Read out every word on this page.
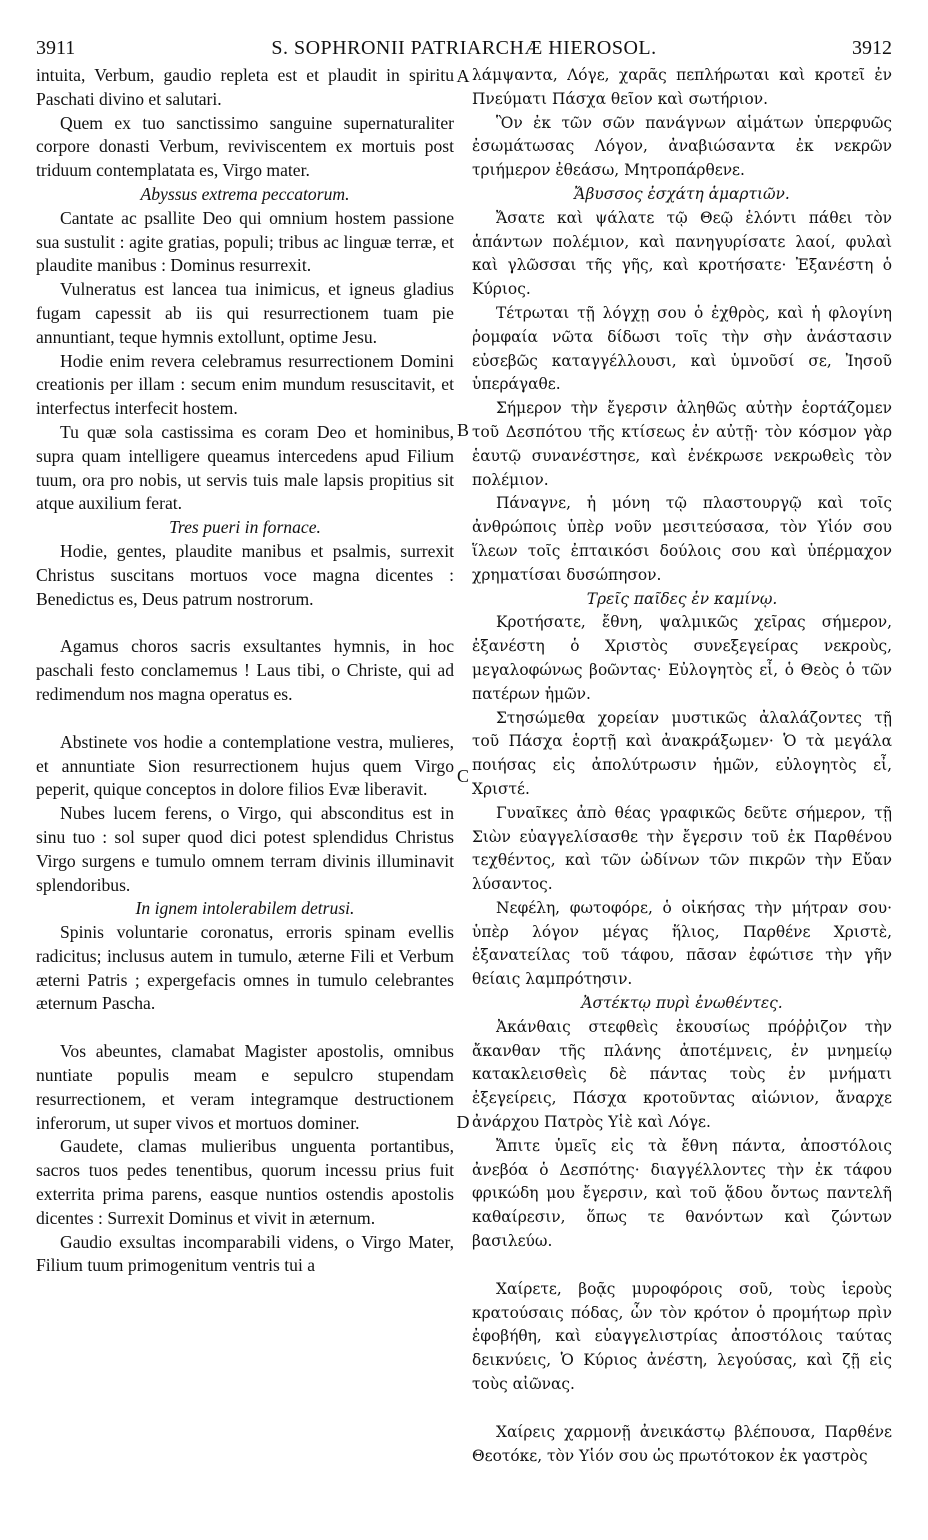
3911	S. SOPHRONII PATRIARCHÆ HIEROSOL.	3912

intuita, Verbum, gaudio repleta est et plaudit in spiritu Paschati divino et salutari.

Quem ex tuo sanctissimo sanguine supernaturaliter corpore donasti Verbum, reviviscentem ex mortuis post triduum contemplatata es, Virgo mater.

Abyssus extrema peccatorum.

Cantate ac psallite Deo qui omnium hostem passione sua sustulit : agite gratias, populi; tribus ac linguæ terræ, et plaudite manibus : Dominus resurrexit.

Vulneratus est lancea tua inimicus, et igneus gladius fugam capessit ab iis qui resurrectionem tuam pie annuntiant, teque hymnis extollunt, optime Jesu.

Hodie enim revera celebramus resurrectionem Domini creationis per illam : secum enim mundum resuscitavit, et interfectus interfecit hostem.

Tu quæ sola castissima es coram Deo et hominibus, supra quam intelligere queamus intercedens apud Filium tuum, ora pro nobis, ut servis tuis male lapsis propitius sit atque auxilium ferat.

Tres pueri in fornace.

Hodie, gentes, plaudite manibus et psalmis, surrexit Christus suscitans mortuos voce magna dicentes : Benedictus es, Deus patrum nostrorum.

Agamus choros sacris exsultantes hymnis, in hoc paschali festo conclamemus ! Laus tibi, o Christe, qui ad redimendum nos magna operatus es.

Abstinete vos hodie a contemplatione vestra, mulieres, et annuntiate Sion resurrectionem hujus quem Virgo peperit, quique conceptos in dolore filios Evæ liberavit.

Nubes lucem ferens, o Virgo, qui absconditus est in sinu tuo : sol super quod dici potest splendidus Christus Virgo surgens e tumulo omnem terram divinis illuminavit splendoribus.

In ignem intolerabilem detrusi.

Spinis voluntarie coronatus, erroris spinam evellis radicitus; inclusus autem in tumulo, æterne Fili et Verbum æterni Patris ; expergefacis omnes in tumulo celebrantes æternum Pascha.

Vos abeuntes, clamabat Magister apostolis, omnibus nuntiate populis meam e sepulcro stupendam resurrectionem, et veram integramque destructionem inferorum, ut super vivos et mortuos dominer.

Gaudete, clamas mulieribus unguenta portantibus, sacros tuos pedes tenentibus, quorum incessu prius fuit exterrita prima parens, easque nuntios ostendis apostolis dicentes : Surrexit Dominus et vivit in æternum.

Gaudio exsultas incomparabili videns, o Virgo Mater, Filium tuum primogenitum ventris tui a

λάμψαντα, Λόγε, χαρᾶς πεπλήρωται καὶ κροτεῖ ἐν Πνεύματι Πάσχα θεῖον καὶ σωτήριον.

Ὃν ἐκ τῶν σῶν πανάγνων αἱμάτων ὑπερφυῶς ἐσωμάτωσας Λόγον, ἀναβιώσαντα ἐκ νεκρῶν τριήμερον ἐθεάσω, Μητροπάρθενε.

Ἄβυσσος ἐσχάτη ἁμαρτιῶν.

Ἄσατε καὶ ψάλατε τῷ Θεῷ ἑλόντι πάθει τὸν ἁπάντων πολέμιον, καὶ πανηγυρίσατε λαοί, φυλαὶ καὶ γλῶσσαι τῆς γῆς, καὶ κροτήσατε· Ἐξανέστη ὁ Κύριος.

Τέτρωται τῇ λόγχῃ σου ὁ ἐχθρὸς, καὶ ἡ φλογίνη ῥομφαία νῶτα δίδωσι τοῖς τὴν σὴν ἀνάστασιν εὐσεβῶς καταγγέλλουσι, καὶ ὑμνοῦσί σε, Ἰησοῦ ὑπεράγαθε.

Σήμερον τὴν ἔγερσιν ἀληθῶς αὐτὴν ἑορτάζομεν τοῦ Δεσπότου τῆς κτίσεως ἐν αὐτῇ· τὸν κόσμον γὰρ ἑαυτῷ συνανέστησε, καὶ ἐνέκρωσε νεκρωθεὶς τὸν πολέμιον.

Πάναγνε, ἡ μόνη τῷ πλαστουργῷ καὶ τοῖς ἀνθρώποις ὑπὲρ νοῦν μεσιτεύσασα, τὸν Υἱόν σου ἵλεων τοῖς ἐπταικόσι δούλοις σου καὶ ὑπέρμαχον χρηματίσαι δυσώπησον.

Τρεῖς παῖδες ἐν καμίνῳ.

Κροτήσατε, ἔθνη, ψαλμικῶς χεῖρας σήμερον, ἐξανέστη ὁ Χριστὸς συνεξεγείρας νεκροὺς, μεγαλοφώνως βοῶντας· Εὐλογητὸς εἶ, ὁ Θεὸς ὁ τῶν πατέρων ἡμῶν.

Στησώμεθα χορείαν μυστικῶς ἀλαλάζοντες τῇ τοῦ Πάσχα ἑορτῇ καὶ ἀνακράξωμεν· Ὁ τὰ μεγάλα ποιήσας εἰς ἀπολύτρωσιν ἡμῶν, εὐλογητὸς εἶ, Χριστέ.

Γυναῖκες ἀπὸ θέας γραφικῶς δεῦτε σήμερον, τῇ Σιὼν εὐαγγελίσασθε τὴν ἔγερσιν τοῦ ἐκ Παρθένου τεχθέντος, καὶ τῶν ὠδίνων τῶν πικρῶν τὴν Εὔαν λύσαντος.

Νεφέλη, φωτοφόρε, ὁ οἰκήσας τὴν μήτραν σου· ὑπὲρ λόγον μέγας ἥλιος, Παρθένε Χριστὲ, ἐξανατείλας τοῦ τάφου, πᾶσαν ἐφώτισε τὴν γῆν θείαις λαμπρότησιν.

Ἀστέκτῳ πυρὶ ἐνωθέντες.

Ἀκάνθαις στεφθεὶς ἑκουσίως πρόῤῥιζον τὴν ἄκανθαν τῆς πλάνης ἀποτέμνεις, ἐν μνημείῳ κατακλεισθεὶς δὲ πάντας τοὺς ἐν μνήματι ἐξεγείρεις, Πάσχα κροτοῦντας αἰώνιον, ἄναρχε ἀνάρχου Πατρὸς Υἱὲ καὶ Λόγε.

Ἄπιτε ὑμεῖς εἰς τὰ ἔθνη πάντα, ἀποστόλοις ἀνεβόα ὁ Δεσπότης· διαγγέλλοντες τὴν ἐκ τάφου φρικώδη μου ἔγερσιν, καὶ τοῦ ᾅδου ὄντως παντελῆ καθαίρεσιν, ὅπως τε θανόντων καὶ ζώντων βασιλεύω.

Χαίρετε, βοᾷς μυροφόροις σοῦ, τοὺς ἱεροὺς κρατούσαις πόδας, ὧν τὸν κρότον ὁ προμήτωρ πρὶν ἐφοβήθη, καὶ εὐαγγελιστρίας ἀποστόλοις ταύτας δεικνύεις, Ὁ Κύριος ἀνέστη, λεγούσας, καὶ ζῇ εἰς τοὺς αἰῶνας.

Χαίρεις χαρμονῇ ἀνεικάστῳ βλέπουσα, Παρθένε Θεοτόκε, τὸν Υἱόν σου ὡς πρωτότοκον ἐκ γαστρὸς

A
B
C
D
